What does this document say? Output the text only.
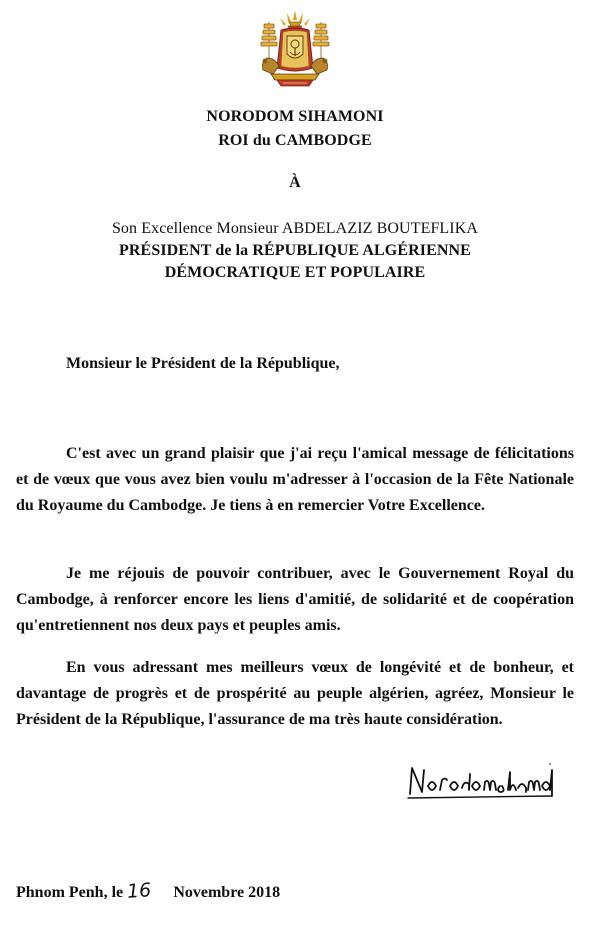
NORODOM SIHAMONI
ROI du CAMBODGE
À
Son Excellence Monsieur ABDELAZIZ BOUTEFLIKA
PRÉSIDENT de la RÉPUBLIQUE ALGÉRIENNE
DÉMOCRATIQUE ET POPULAIRE
Monsieur le Président de la République,

C'est avec un grand plaisir que j'ai reçu l'amical message de félicitations et de vœux que vous avez bien voulu m'adresser à l'occasion de la Fête Nationale du Royaume du Cambodge. Je tiens à en remercier Votre Excellence.

Je me réjouis de pouvoir contribuer, avec le Gouvernement Royal du Cambodge, à renforcer encore les liens d'amitié, de solidarité et de coopération qu'entretiennent nos deux pays et peuples amis.

En vous adressant mes meilleurs vœux de longévité et de bonheur, et davantage de progrès et de prospérité au peuple algérien, agréez, Monsieur le Président de la République, l'assurance de ma très haute considération.

Phnom Penh, le 16 Novembre 2018
